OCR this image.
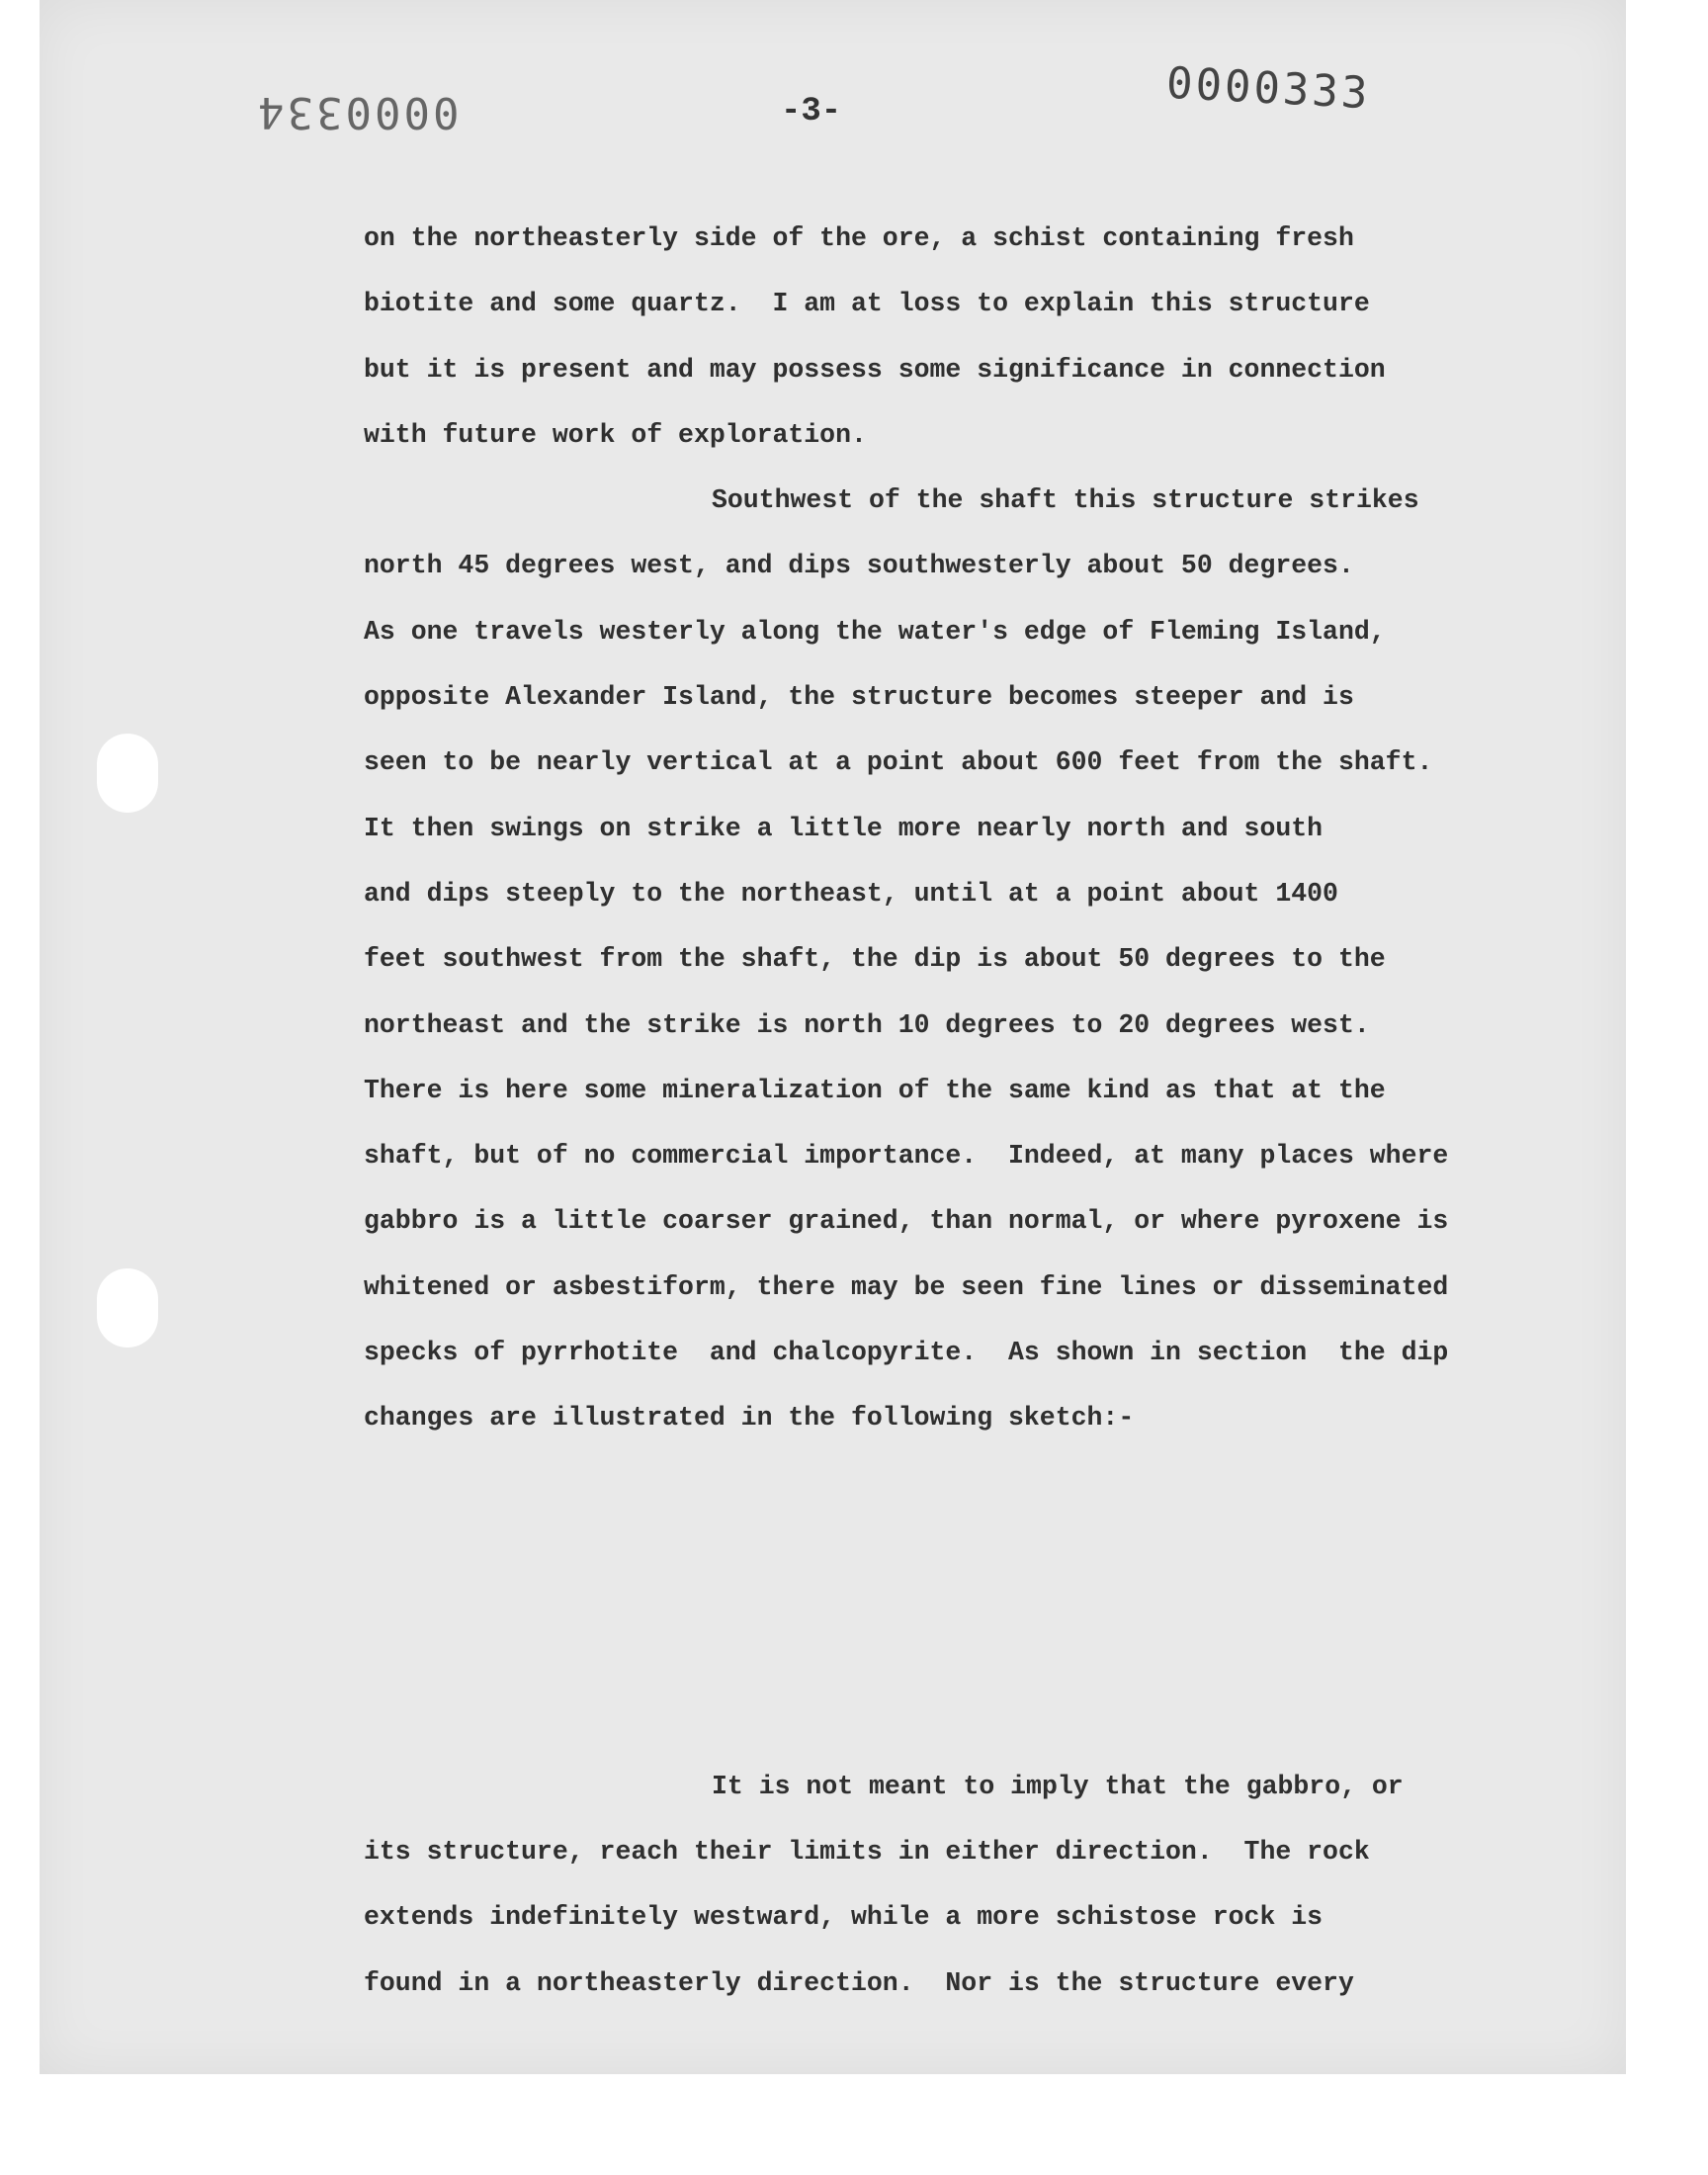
0000334	-3-	0000333

on the northeasterly side of the ore, a schist containing fresh
biotite and some quartz.  I am at loss to explain this structure
but it is present and may possess some significance in connection
with future work of exploration.
Southwest of the shaft this structure strikes
north 45 degrees west, and dips southwesterly about 50 degrees.
As one travels westerly along the water's edge of Fleming Island,
opposite Alexander Island, the structure becomes steeper and is
seen to be nearly vertical at a point about 600 feet from the shaft.
It then swings on strike a little more nearly north and south
and dips steeply to the northeast, until at a point about 1400
feet southwest from the shaft, the dip is about 50 degrees to the
northeast and the strike is north 10 degrees to 20 degrees west.
There is here some mineralization of the same kind as that at the
shaft, but of no commercial importance.  Indeed, at many places where
gabbro is a little coarser grained, than normal, or where pyroxene is
whitened or asbestiform, there may be seen fine lines or disseminated
specks of pyrrhotite  and chalcopyrite.  As shown in section  the dip
changes are illustrated in the following sketch:-
It is not meant to imply that the gabbro, or
its structure, reach their limits in either direction.  The rock
extends indefinitely westward, while a more schistose rock is
found in a northeasterly direction.  Nor is the structure every
